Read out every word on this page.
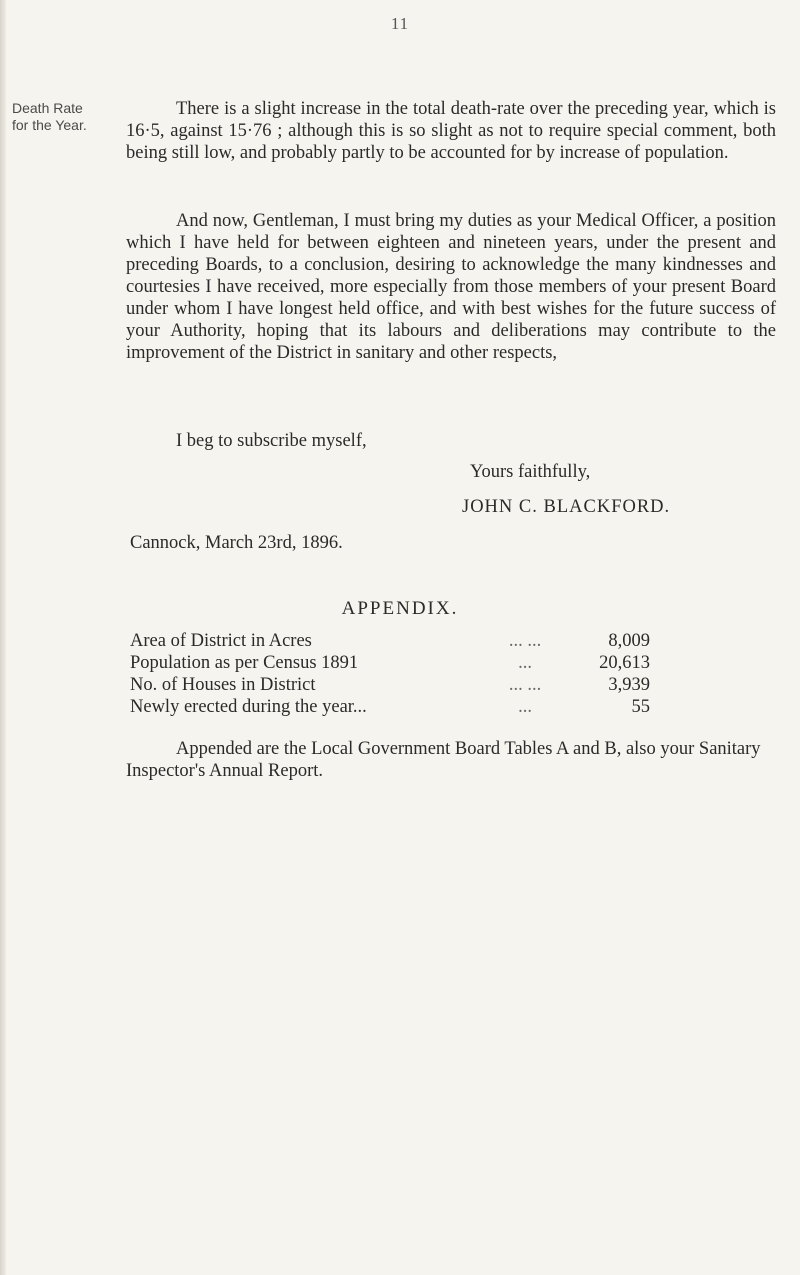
11
Death Rate
for the Year.

There is a slight increase in the total death-rate over the preceding year, which is 16·5, against 15·76 ; although this is so slight as not to require special comment, both being still low, and probably partly to be accounted for by increase of population.

And now, Gentleman, I must bring my duties as your Medical Officer, a position which I have held for between eighteen and nineteen years, under the present and preceding Boards, to a conclusion, desiring to acknowledge the many kindnesses and courtesies I have received, more especially from those members of your present Board under whom I have longest held office, and with best wishes for the future success of your Authority, hoping that its labours and deliberations may contribute to the improvement of the District in sanitary and other respects,

I beg to subscribe myself,

Yours faithfully,
JOHN C. BLACKFORD.
Cannock, March 23rd, 1896.
APPENDIX.
Area of District in Acres	... ...	8,009
Population as per Census 1891	...	20,613
No. of Houses in District	... ...	3,939
Newly erected during the year...	...	55

Appended are the Local Government Board Tables A and B, also your Sanitary Inspector's Annual Report.
